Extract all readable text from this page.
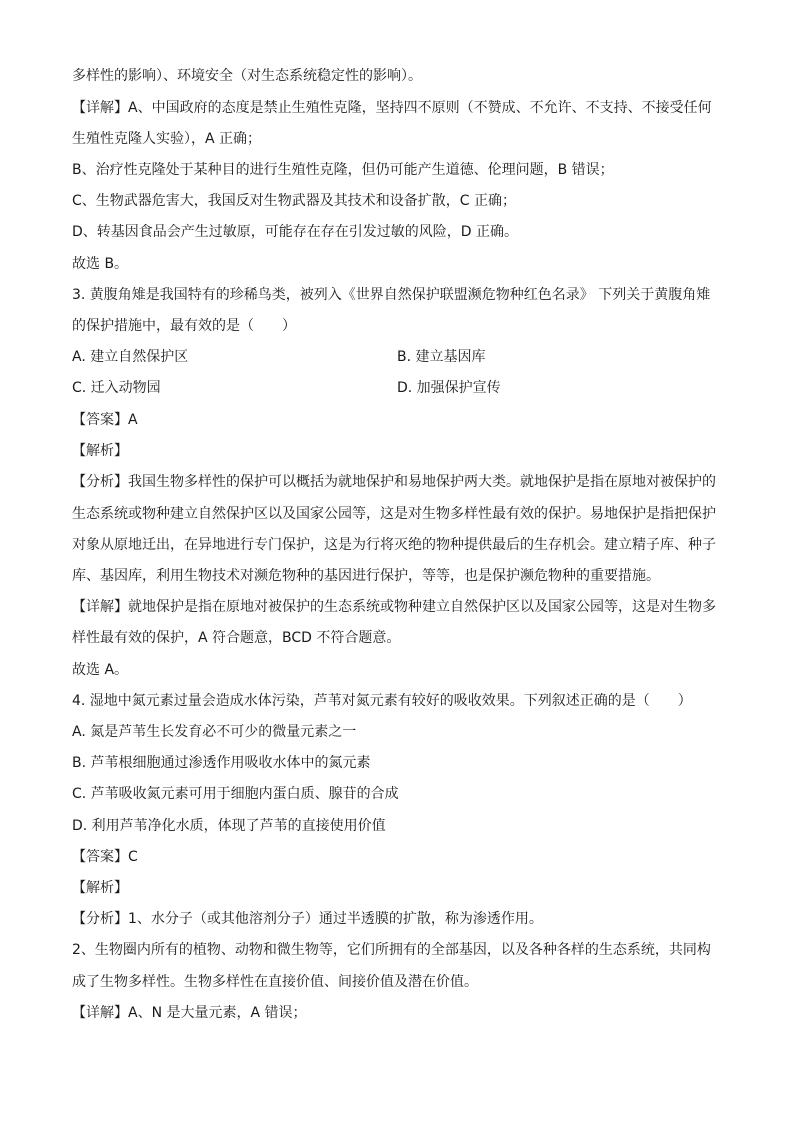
多样性的影响）、环境安全（对生态系统稳定性的影响）。
【详解】A、中国政府的态度是禁止生殖性克隆，坚持四不原则（不赞成、不允许、不支持、不接受任何
生殖性克隆人实验），A 正确；
B、治疗性克隆处于某种目的进行生殖性克隆，但仍可能产生道德、伦理问题，B 错误；
C、生物武器危害大，我国反对生物武器及其技术和设备扩散，C 正确；
D、转基因食品会产生过敏原，可能存在存在引发过敏的风险，D 正确。
故选 B。
3. 黄腹角雉是我国特有的珍稀鸟类，被列入《世界自然保护联盟濒危物种红色名录》 下列关于黄腹角雉
的保护措施中，最有效的是（　　）
A. 建立自然保护区	B. 建立基因库
C. 迁入动物园	D. 加强保护宣传
【答案】A
【解析】
【分析】我国生物多样性的保护可以概括为就地保护和易地保护两大类。就地保护是指在原地对被保护的
生态系统或物种建立自然保护区以及国家公园等，这是对生物多样性最有效的保护。易地保护是指把保护
对象从原地迁出，在异地进行专门保护，这是为行将灭绝的物种提供最后的生存机会。建立精子库、种子
库、基因库，利用生物技术对濒危物种的基因进行保护，等等，也是保护濒危物种的重要措施。
【详解】就地保护是指在原地对被保护的生态系统或物种建立自然保护区以及国家公园等，这是对生物多
样性最有效的保护，A 符合题意，BCD 不符合题意。
故选 A。
4. 湿地中氮元素过量会造成水体污染，芦苇对氮元素有较好的吸收效果。下列叙述正确的是（　　）
A. 氮是芦苇生长发育必不可少的微量元素之一
B. 芦苇根细胞通过渗透作用吸收水体中的氮元素
C. 芦苇吸收氮元素可用于细胞内蛋白质、腺苷的合成
D. 利用芦苇净化水质，体现了芦苇的直接使用价值
【答案】C
【解析】
【分析】1、水分子（或其他溶剂分子）通过半透膜的扩散，称为渗透作用。
2、生物圈内所有的植物、动物和微生物等，它们所拥有的全部基因，以及各种各样的生态系统，共同构
成了生物多样性。生物多样性在直接价值、间接价值及潜在价值。
【详解】A、N 是大量元素，A 错误；
